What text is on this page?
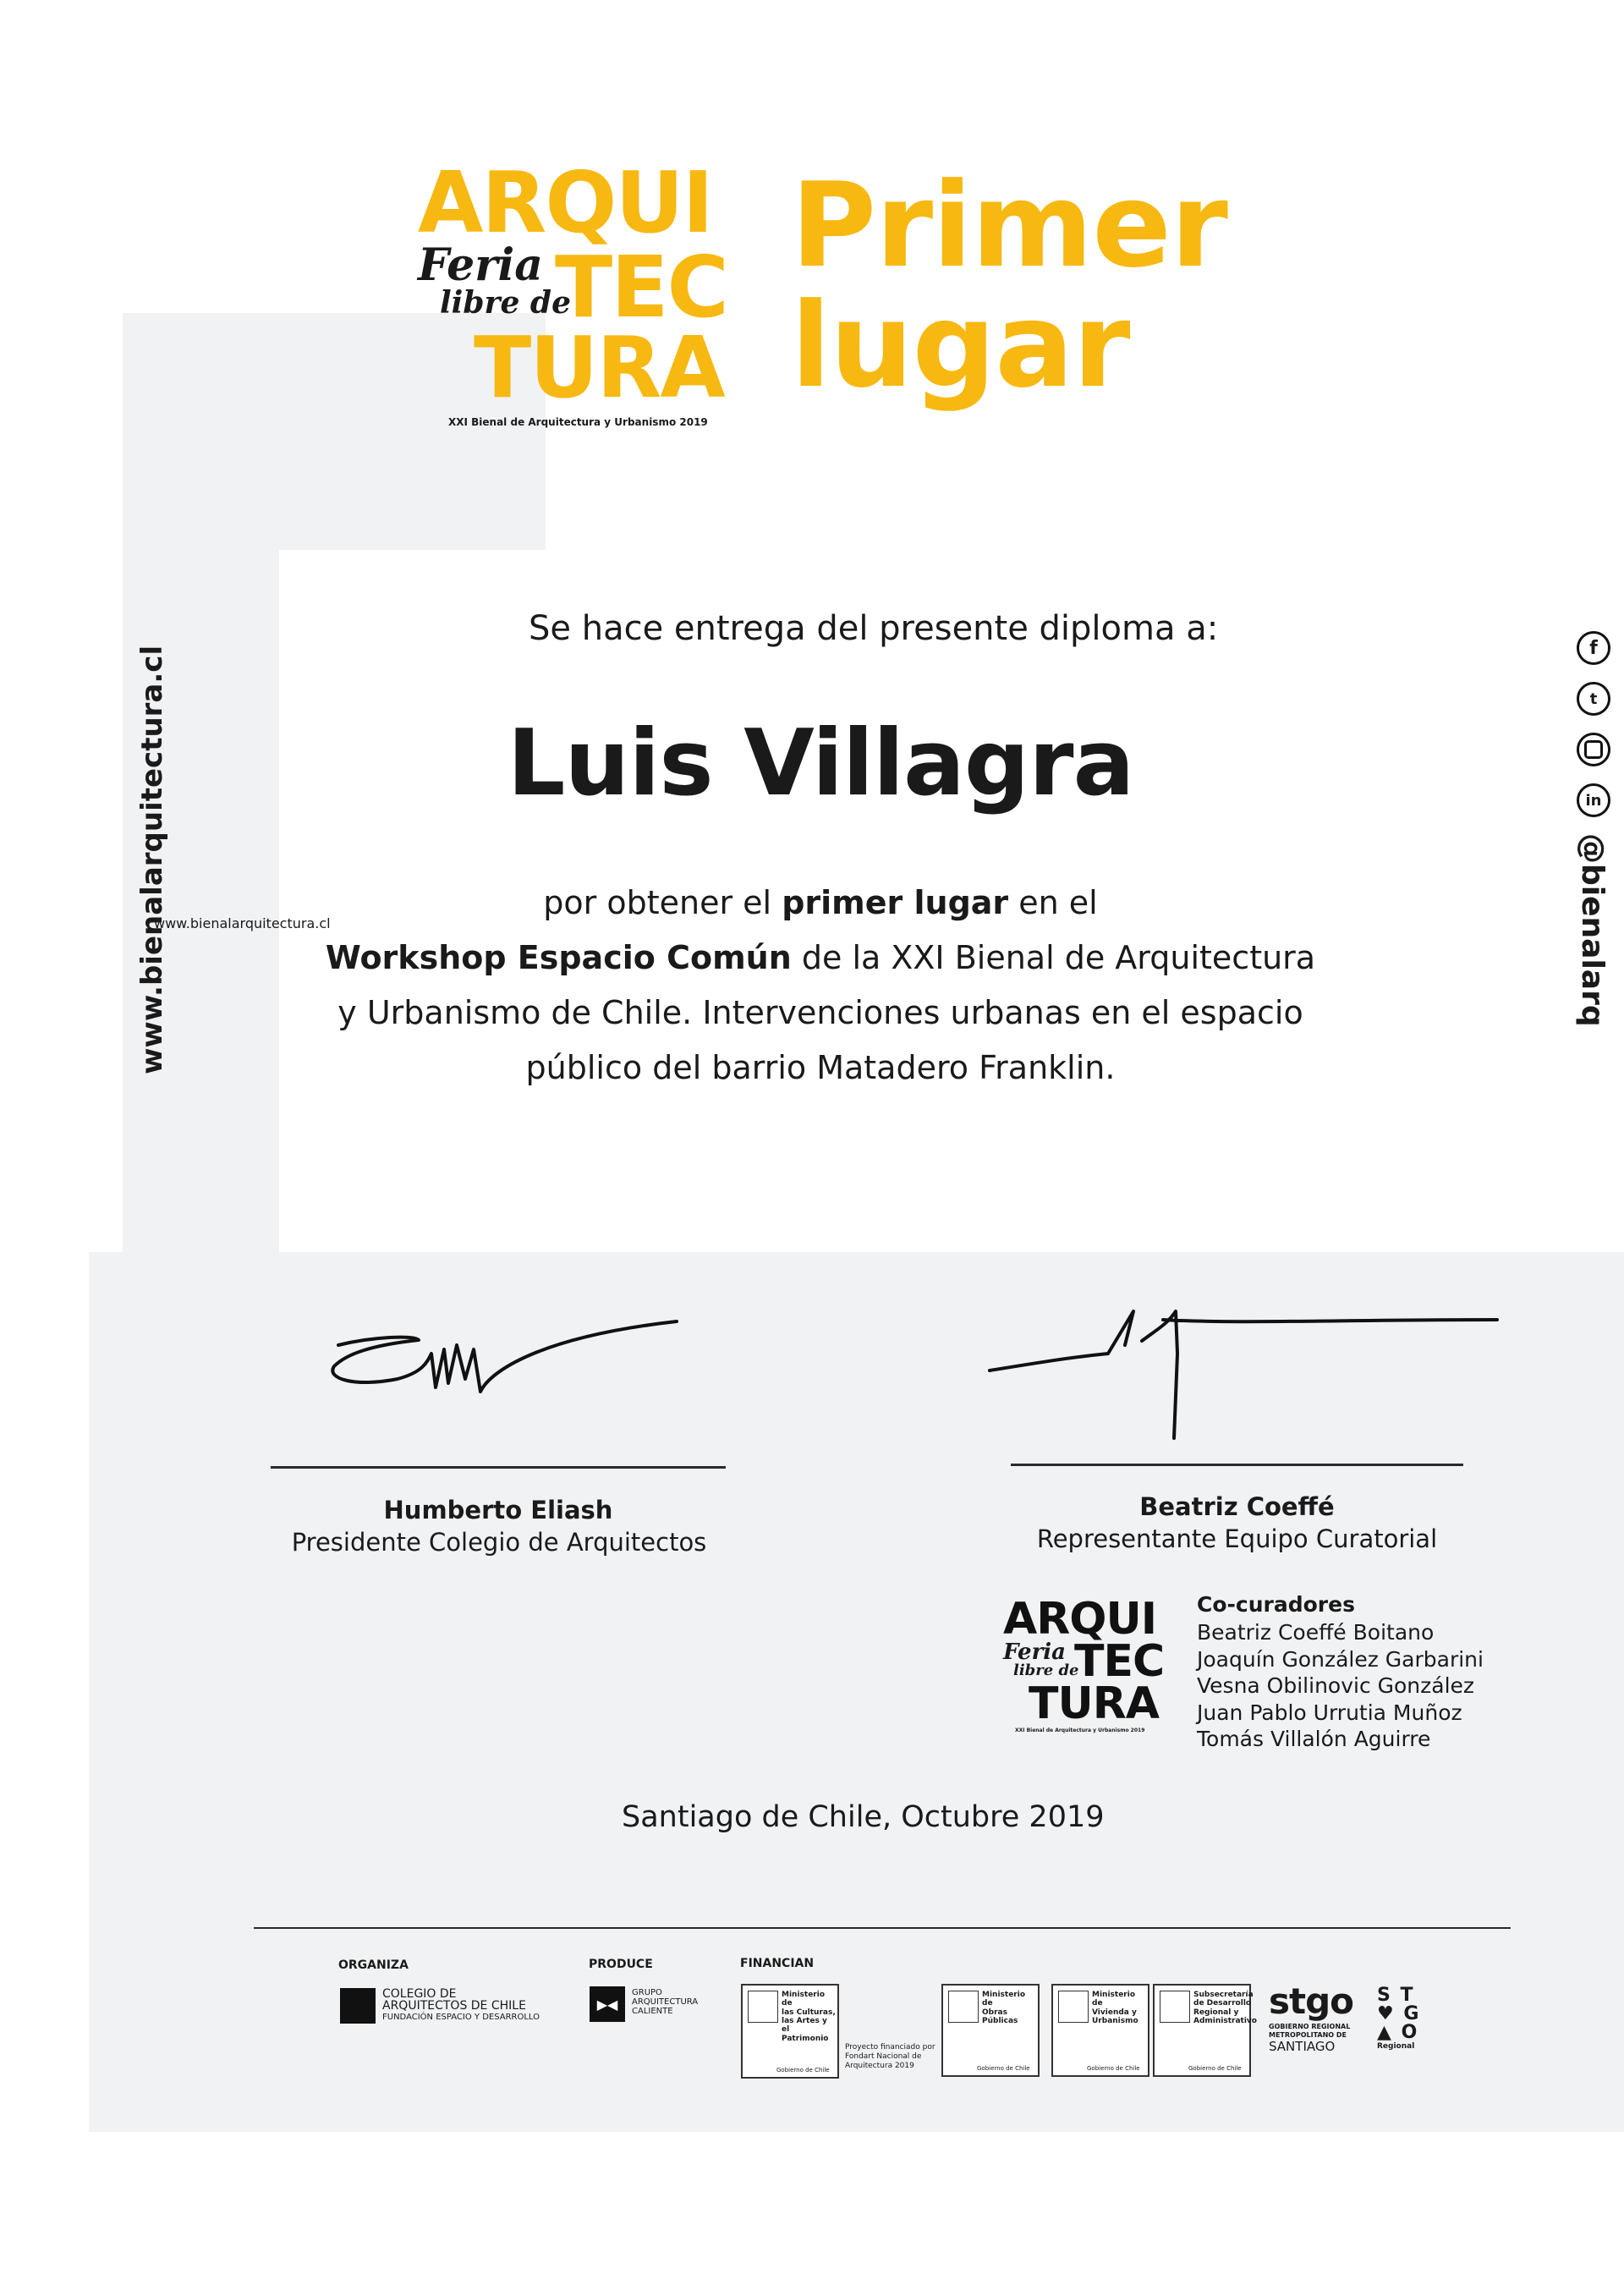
ARQUI
TEC
TURA
Feria
libre de
XXI Bienal de Arquitectura y Urbanismo 2019
Primer
lugar
www.bienalarquitectura.cl	f
t
in
@bienalarq
Se hace entrega del presente diploma a:
Luis Villagra
por obtener el primer lugar en el
Workshop Espacio Común de la XXI Bienal de Arquitectura
y Urbanismo de Chile. Intervenciones urbanas en el espacio
público del barrio Matadero Franklin.
Humberto Eliash
Presidente Colegio de Arquitectos
Beatriz Coeffé
Representante Equipo Curatorial
ARQUI
TEC
TURA
Feria
libre de
XXI Bienal de Arquitectura y Urbanismo 2019
Co-curadores
Beatriz Coeffé Boitano
Joaquín González Garbarini
Vesna Obilinovic González
Juan Pablo Urrutia Muñoz
Tomás Villalón Aguirre
Santiago de Chile, Octubre 2019
ORGANIZA	PRODUCE	FINANCIAN
COLEGIO DE
ARQUITECTOS DE CHILE
FUNDACIÓN ESPACIO Y DESARROLLO
▶◀
GRUPO
ARQUITECTURA
CALIENTE
Ministerio de
las Culturas,
las Artes y el
Patrimonio
Gobierno de Chile
Proyecto financiado por
Fondart Nacional de
Arquitectura 2019
Ministerio de
Obras
Públicas
Gobierno de Chile
Ministerio de
Vivienda y
Urbanismo
Gobierno de Chile
Subsecretaría
de Desarrollo
Regional y
Administrativo
Gobierno de Chile
stgo
GOBIERNO REGIONAL
METROPOLITANO DE
SANTIAGO
S T
♥ G
▲ O
Regional
